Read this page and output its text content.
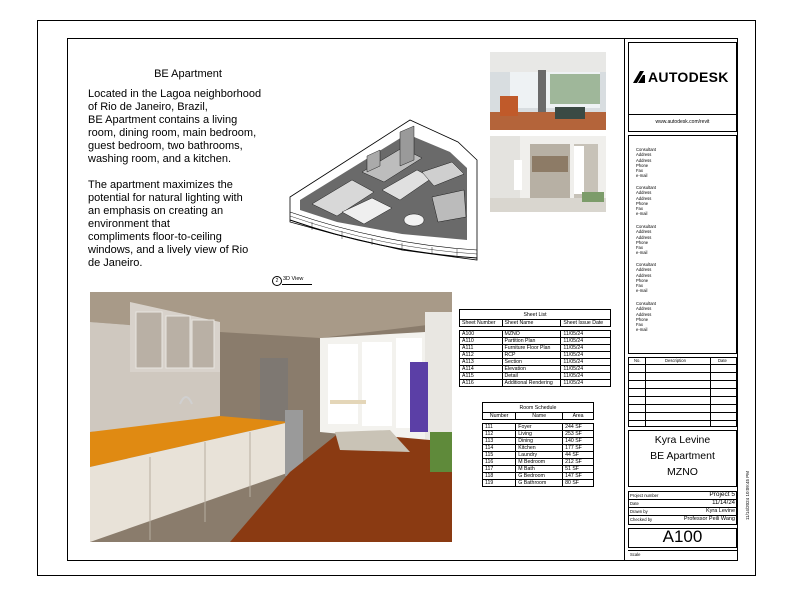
BE Apartment
Located in the Lagoa neighborhood
of Rio de Janeiro, Brazil,
BE Apartment contains a living
room, dining room, main bedroom,
guest bedroom, two bathrooms,
washing room, and a kitchen.
The apartment maximizes the
potential for natural lighting with
an emphasis on creating an
environment that
compliments floor-to-ceiling
windows, and a lively view of Rio
de Janeiro.
2 3D View
Sheet List		
Sheet Number	Sheet Name	Sheet Issue Date

A100	MZNO	11/05/24
A110	Partition Plan	11/05/24
A111	Furniture Floor Plan	11/05/24
A112	RCP	11/05/24
A113	Section	11/05/24
A114	Elevation	11/05/24
A115	Detail	11/05/24
A116	Additional Rendering	11/05/24
Room Schedule		
Number	Name	Area

111	Foyer	244 SF
112	Living	253 SF
113	Dining	140 SF
114	Kitchen	177 SF
115	Laundry	44 SF
116	M Bedroom	212 SF
117	M Bath	51 SF
118	G Bedroom	147 SF
119	G Bathroom	80 SF
AUTODESK
www.autodesk.com/revit
Consultant
Address
Address
Phone
Fax
e-mail
Consultant
Address
Address
Phone
Fax
e-mail
Consultant
Address
Address
Phone
Fax
e-mail
Consultant
Address
Address
Phone
Fax
e-mail
Consultant
Address
Address
Phone
Fax
e-mail
No.	Description	Date
Kyra Levine
BE Apartment
MZNO
Project number	Project 5
Date	11/14/24
Drawn by	Kyra Levine
Checked by	Professor Peili Wang
A100
Scale
11/14/2024 10:09:45 PM
